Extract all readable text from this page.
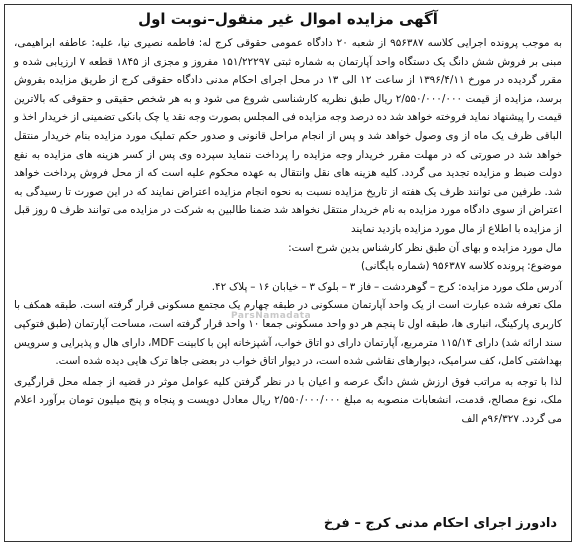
آگهی مزایده اموال غیر منقول–نوبت اول

به موجب پرونده اجرایی کلاسه ۹۵۶۳۸۷ از شعبه ۲۰ دادگاه عمومی حقوقی کرج له: فاطمه نصیری نیا، علیه: عاطفه ابراهیمی، مبنی بر فروش شش دانگ یک دستگاه واحد آپارتمان به شماره ثبتی ۱۵۱/۲۲۲۹۷ مفروز و مجزی از ۱۸۴۵ قطعه ۷ ارزیابی شده و مقرر گردیده در مورخ ۱۳۹۶/۴/۱۱ از ساعت ۱۲ الی ۱۳ در محل اجرای احکام مدنی دادگاه حقوقی کرج از طریق مزایده بفروش برسد، مزایده از قیمت ۲/۵۵۰/۰۰۰/۰۰۰ ریال طبق نظریه کارشناسی شروع می شود و به هر شخص حقیقی و حقوقی که بالاترین قیمت را پیشنهاد نماید فروخته خواهد شد ده درصد وجه مزایده فی المجلس بصورت وجه نقد یا چک بانکی تضمینی از خریدار اخذ و الباقی ظرف یک ماه از وی وصول خواهد شد و پس از انجام مراحل قانونی و صدور حکم تملیک مورد مزایده بنام خریدار منتقل خواهد شد در صورتی که در مهلت مقرر خریدار وجه مزایده را پرداخت ننماید سپرده وی پس از کسر هزینه های مزایده به نفع دولت ضبط و مزایده تجدید می گردد. کلیه هزینه های نقل وانتقال به عهده محکوم علیه است که از محل فروش پرداخت خواهد شد. طرفین می توانند ظرف یک هفته از تاریخ مزایده نسبت به نحوه انجام مزایده اعتراض نمایند که در این صورت تا رسیدگی به اعتراض از سوی دادگاه مورد مزایده به نام خریدار منتقل نخواهد شد ضمنا طالبین به شرکت در مزایده می توانند ظرف ۵ روز قبل از مزایده با اطلاع از مال مورد مزایده بازدید نمایند

مال مورد مزایده و بهای آن طبق نظر کارشناس بدین شرح است:

موضوع: پرونده کلاسه ۹۵۶۳۸۷ (شماره بایگانی)

آدرس ملک مورد مزایده: کرج – گوهردشت – فاز ۳ – بلوک ۳ – خیابان ۱۶ – پلاک ۴۲.

ملک تعرفه شده عبارت است از یک واحد آپارتمان مسکونی در طبقه چهارم یک مجتمع مسکونی قرار گرفته است. طبقه همکف با کاربری پارکینگ، انباری ها، طبقه اول تا پنجم هر دو واحد مسکونی جمعا ۱۰ واحد قرار گرفته است، مساحت آپارتمان (طبق فتوکپی سند ارائه شد) دارای ۱۱۵/۱۴ مترمربع، آپارتمان دارای دو اتاق خواب، آشپزخانه اپن با کابینت MDF، دارای هال و پذیرایی و سرویس بهداشتی کامل، کف سرامیک، دیوارهای نقاشی شده است، در دیوار اتاق خواب در بعضی جاها ترک هایی دیده شده است.

لذا با توجه به مراتب فوق ارزش شش دانگ عرصه و اعیان با در نظر گرفتن کلیه عوامل موثر در قضیه از جمله محل قرارگیری ملک، نوع مصالح، قدمت، انشعابات منصوبه به مبلغ ۲/۵۵۰/۰۰۰/۰۰۰ ریال معادل دویست و پنجاه و پنج میلیون تومان برآورد اعلام می گردد. ۹۶/۳۲۷م الف

دادورز اجرای احکام مدنی کرج – فرخ
ParsNamadata
